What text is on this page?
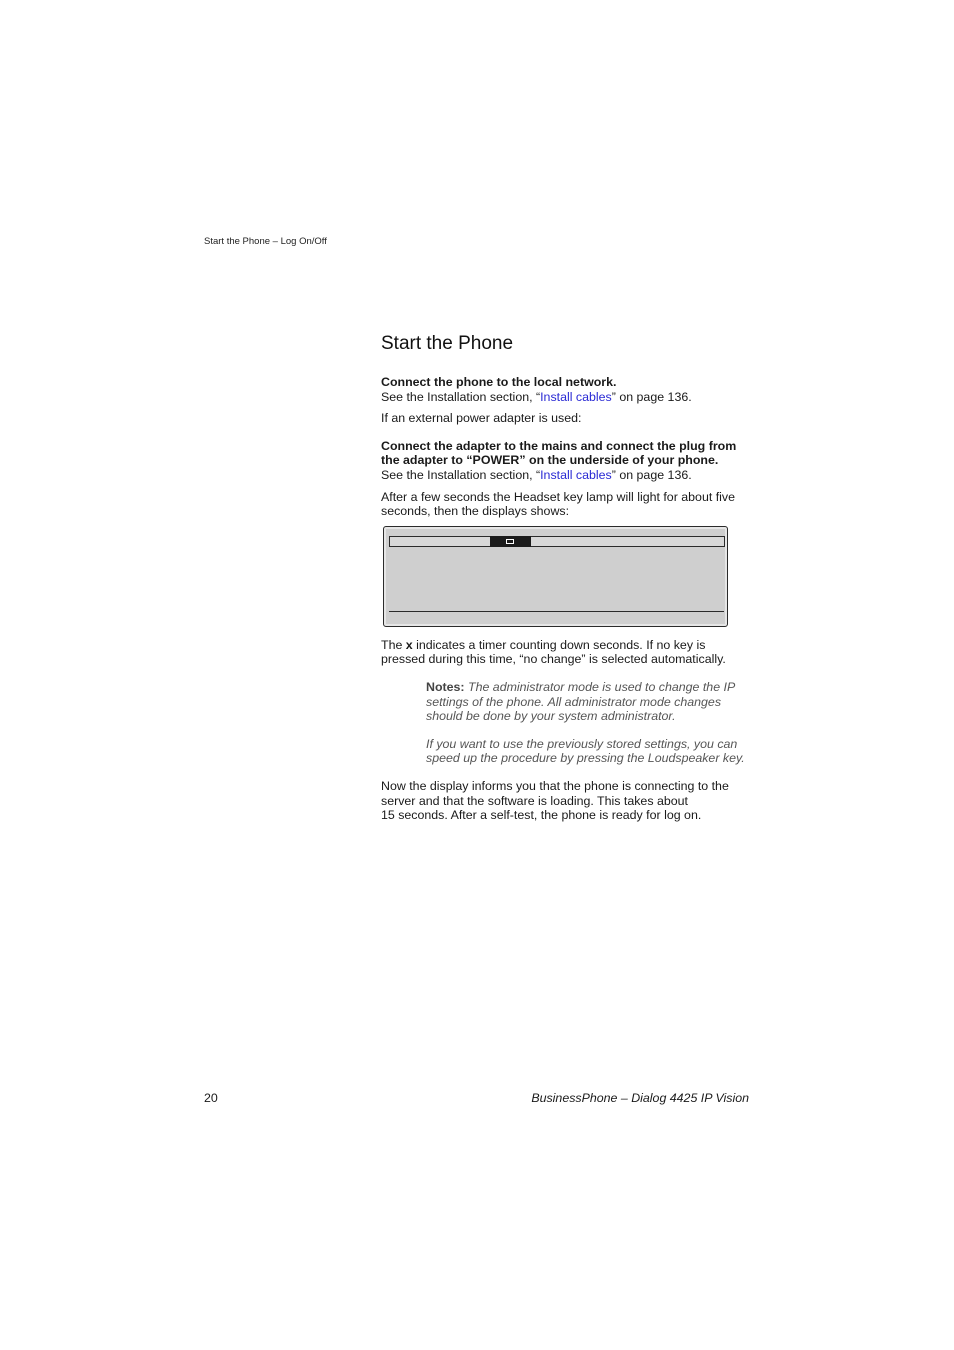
Start the Phone – Log On/Off
Start the Phone

Connect the phone to the local network.

See the Installation section, “Install cables” on page 136.

If an external power adapter is used:

Connect the adapter to the mains and connect the plug from
the adapter to “POWER” on the underside of your phone.

See the Installation section, “Install cables” on page 136.

After a few seconds the Headset key lamp will light for about five
seconds, then the displays shows:

The x indicates a timer counting down seconds. If no key is
pressed during this time, “no change” is selected automatically.

Notes: The administrator mode is used to change the IP
settings of the phone. All administrator mode changes
should be done by your system administrator.

If you want to use the previously stored settings, you can
speed up the procedure by pressing the Loudspeaker key.

Now the display informs you that the phone is connecting to the
server and that the software is loading. This takes about
15 seconds. After a self-test, the phone is ready for log on.

20	BusinessPhone – Dialog 4425 IP Vision
